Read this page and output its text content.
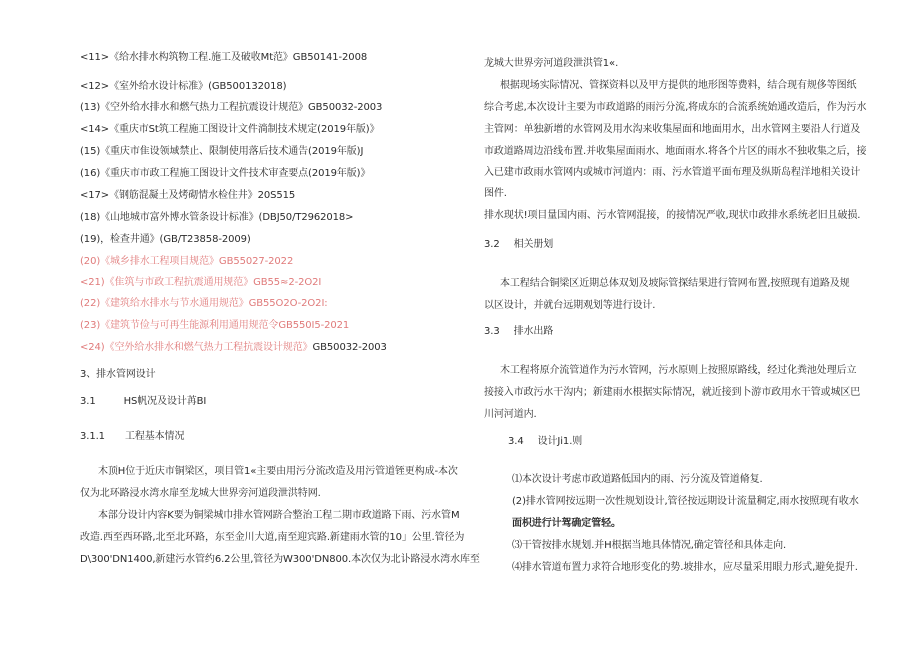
<11>《给水排水构筑物工程.施工及破收Mt范》GB50141-2008
<12>《室外给水设计标准》(GB500132018)
(13)《空外给水排水和燃气热力工程抗震设计规范》GB50032-2003
<14>《重庆市St筑工程施工图设计文件淌制技术规定(2019年版)》
(15)《重庆市隹设领域禁止、限制使用落后技术通告(2019年版)J
(16)《重庆市市政工程施工图设计文件技术审查要点(2019年版)》
<17>《钢筋混凝土及烤砌情水检住井》20S515
(18)《山地城市富外博水管条设计标准》(DBJ50/T2962018>
(19)，检查井通》(GB/T23858-2009)
(20)《城乡排水工程项目规范》GB55027-2022
<21)《隹筑与市政工程抗震通用规范》GB55≈2-2O2I
(22)《建筑给水排水与节水通用规范》GB55O2O-2O2I:
(23)《建筑节俭与可再生能源利用通用规范令GB550I5-2021
<24)《空外给水排水和燃气热力工程抗震设计规范》GB50032-2003
3、排水管网设计
3.1	HS帆况及设计苒BI
3.1.1 工程基本情况
木顶H位于近庆市铜梁区，项目管1«主要由用污分流改造及用污管道铚更构成-本次
仅为北环路浸水湾水扉至龙城大世界旁河道段泄洪特网.
本部分设计内容K要为铜梁城巾排水管网跻合整治工程二期市政道路下雨、污水管M
改造.西至西环路,北至北环路，东至金川大道,南至迎宾路.新建雨水管的10」公里.管径为
D\300'DN1400,新建污水管约6.2公里,管径为W300'DN800.本次仅为北讣路浸水湾水库至
龙城大世界旁河道段泄洪管1«.
根据现场实际情况、管探资料以及甲方提供的地形图等费料，结合现有规侈等图纸
综合考虑,本次设计主要为市政道路的雨污分流,将成东的合流系统始通改造后，作为污水
主管网：单独新增的水管网及用水沟来收集屋面和地面用水，出水管网主要沿人行道及
市政道路周边沿线布置.并收集屋面雨水、地面雨水.将各个片区的雨水不独收集之后，接
入已建市政雨水管网内或城市河道内：雨、污水管道平面布理及纵斯岛程洋地相关设计
图件.
排水现状!项目量国内雨、污水管网混接，的接情况严收,现状巾政排水系统老旧且破损.
3.2 相关册划
本工程结合铜梁区近期总体双划及坡际管探结果进行管网布置,按照现有道路及规
以区设计，并就台远期观划等进行设计.
3.3 排水出路
木工程将原介流管道作为污水管网，污水原则上按照原路线，经过化粪池处理后立
接接入市政污水干沟内；新建雨水根据实际情况，就近接到卜游市政用水干管或城区巴
川河河道内.
3.4 设计Ji1.则
⑴本次设计考虑市政道路低国内的雨、污分流及管道脩复.
(2)排水管网按远期一次性规划设计,管径按远期设计流量稠定,雨水按照现有收水
面枳进行计驾确定管轻。
⑶干管按排水规划.并H根据当地具体情况,确定管径和具体走向.
⑷排水管道布置力求符合地形变化的势.坡排水，应尽量采用眼力形式,避免提升.
